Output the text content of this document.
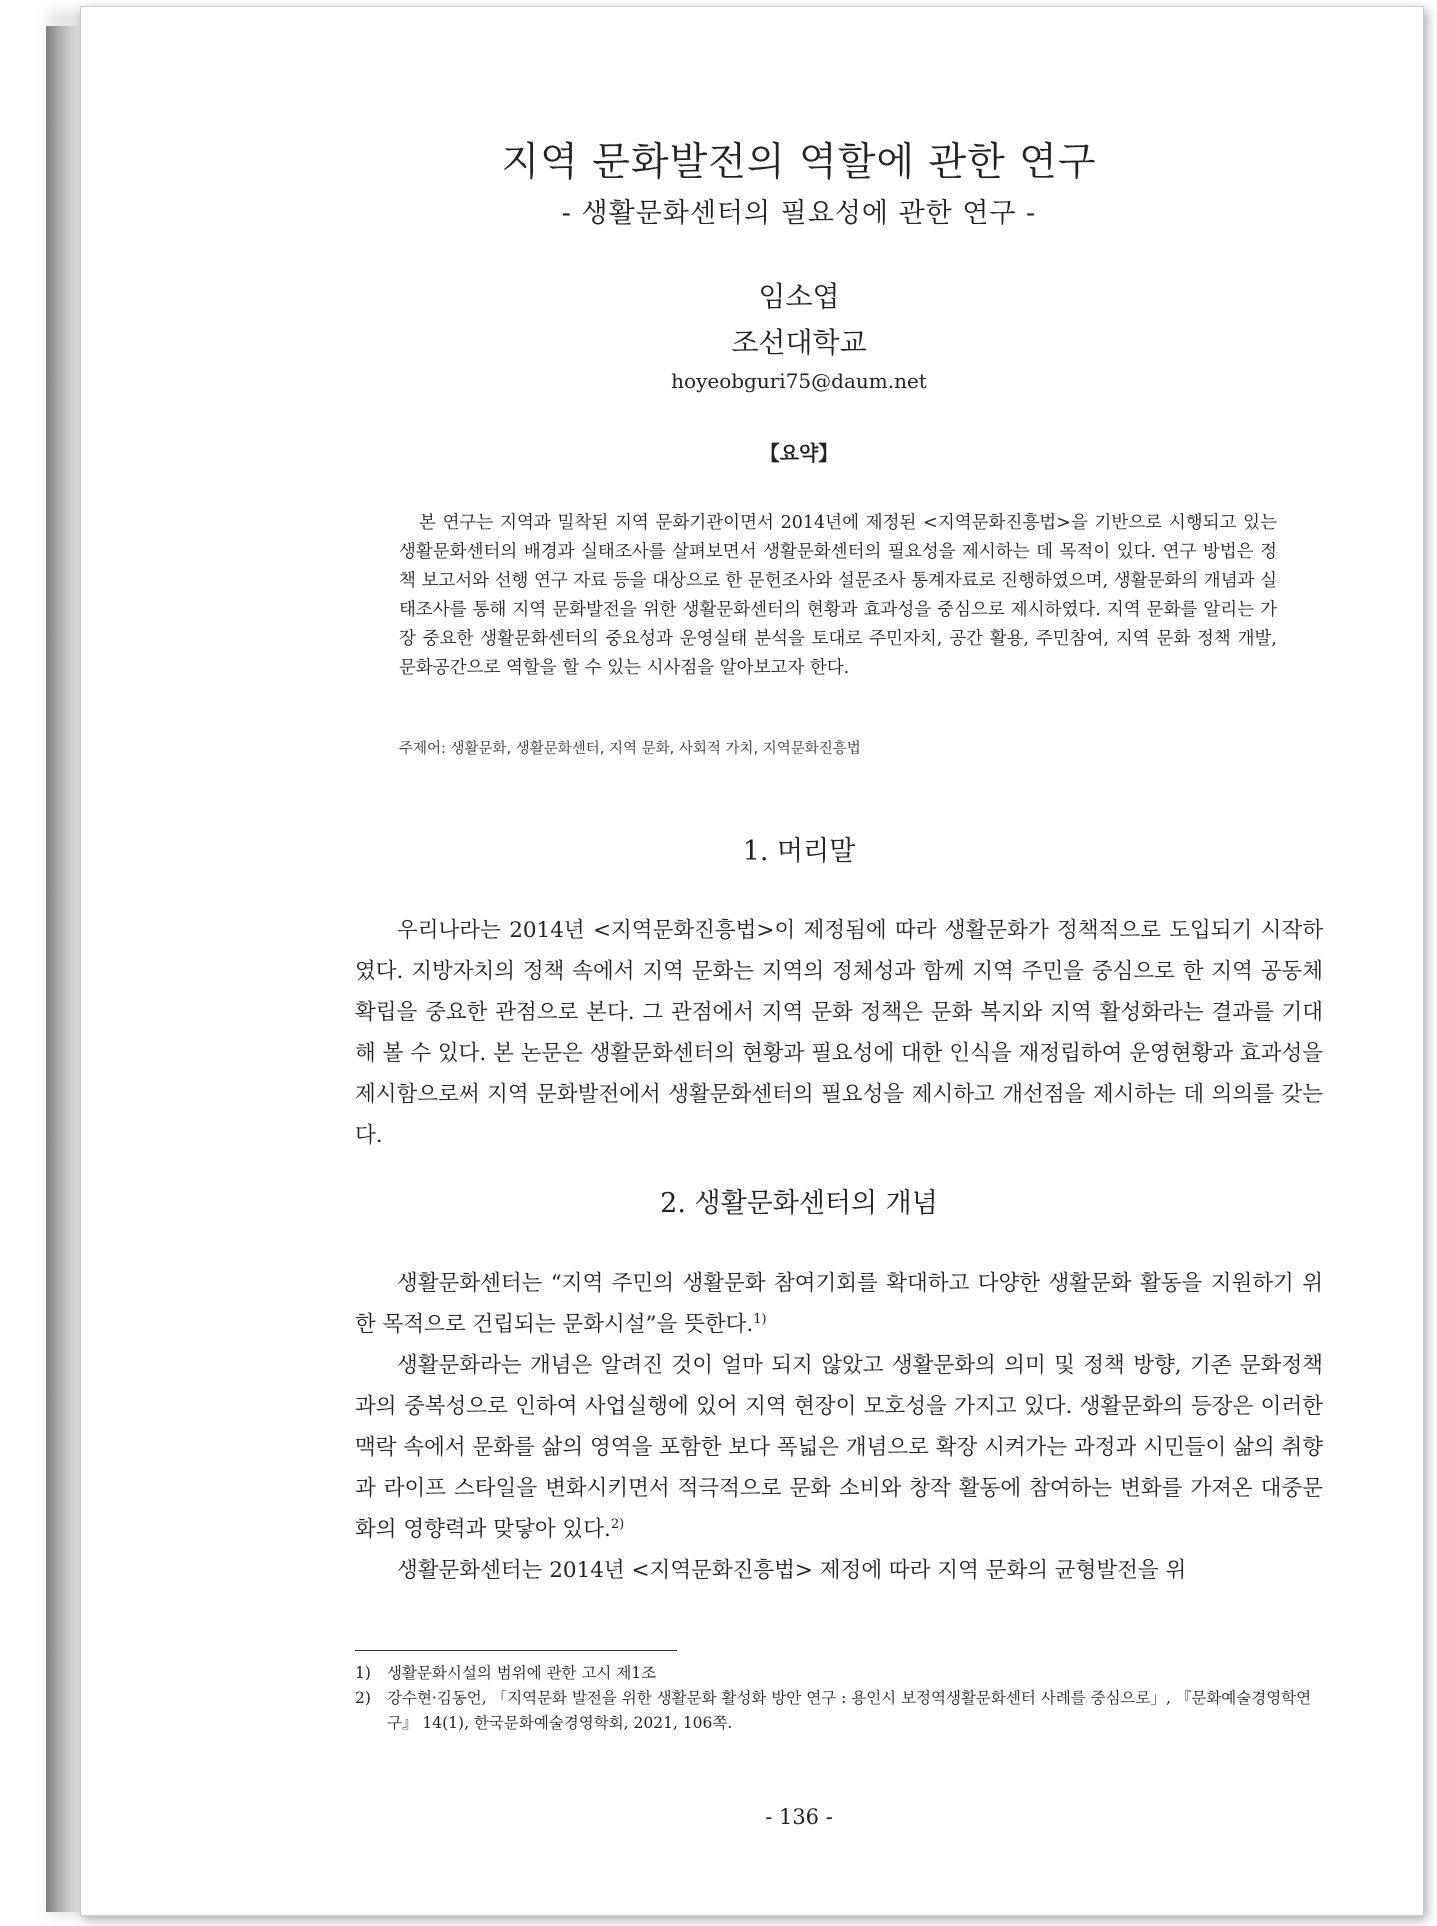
지역 문화발전의 역할에 관한 연구
- 생활문화센터의 필요성에 관한 연구 -
임소엽
조선대학교
hoyeobguri75@daum.net
【요약】

본 연구는 지역과 밀착된 지역 문화기관이면서 2014년에 제정된 <지역문화진흥법>을 기반으로 시행되고 있는 생활문화센터의 배경과 실태조사를 살펴보면서 생활문화센터의 필요성을 제시하는 데 목적이 있다. 연구 방법은 정책 보고서와 선행 연구 자료 등을 대상으로 한 문헌조사와 설문조사 통계자료로 진행하였으며, 생활문화의 개념과 실태조사를 통해 지역 문화발전을 위한 생활문화센터의 현황과 효과성을 중심으로 제시하였다. 지역 문화를 알리는 가장 중요한 생활문화센터의 중요성과 운영실태 분석을 토대로 주민자치, 공간 활용, 주민참여, 지역 문화 정책 개발, 문화공간으로 역할을 할 수 있는 시사점을 알아보고자 한다.

주제어: 생활문화, 생활문화센터, 지역 문화, 사회적 가치, 지역문화진흥법
1. 머리말

우리나라는 2014년 <지역문화진흥법>이 제정됨에 따라 생활문화가 정책적으로 도입되기 시작하였다. 지방자치의 정책 속에서 지역 문화는 지역의 정체성과 함께 지역 주민을 중심으로 한 지역 공동체 확립을 중요한 관점으로 본다. 그 관점에서 지역 문화 정책은 문화 복지와 지역 활성화라는 결과를 기대해 볼 수 있다. 본 논문은 생활문화센터의 현황과 필요성에 대한 인식을 재정립하여 운영현황과 효과성을 제시함으로써 지역 문화발전에서 생활문화센터의 필요성을 제시하고 개선점을 제시하는 데 의의를 갖는다.

2. 생활문화센터의 개념

생활문화센터는 “지역 주민의 생활문화 참여기회를 확대하고 다양한 생활문화 활동을 지원하기 위한 목적으로 건립되는 문화시설”을 뜻한다.$^{1)}$

생활문화라는 개념은 알려진 것이 얼마 되지 않았고 생활문화의 의미 및 정책 방향, 기존 문화정책과의 중복성으로 인하여 사업실행에 있어 지역 현장이 모호성을 가지고 있다. 생활문화의 등장은 이러한 맥락 속에서 문화를 삶의 영역을 포함한 보다 폭넓은 개념으로 확장 시켜가는 과정과 시민들이 삶의 취향과 라이프 스타일을 변화시키면서 적극적으로 문화 소비와 창작 활동에 참여하는 변화를 가져온 대중문화의 영향력과 맞닿아 있다.$^{2)}$

생활문화센터는 2014년 <지역문화진흥법> 제정에 따라 지역 문화의 균형발전을 위

1)	생활문화시설의 범위에 관한 고시 제1조
2)	강수현·김동언, 「지역문화 발전을 위한 생활문화 활성화 방안 연구 : 용인시 보정역생활문화센터 사례를 중심으로」, 『문화예술경영학연구』 14(1), 한국문화예술경영학회, 2021, 106쪽.
- 136 -
